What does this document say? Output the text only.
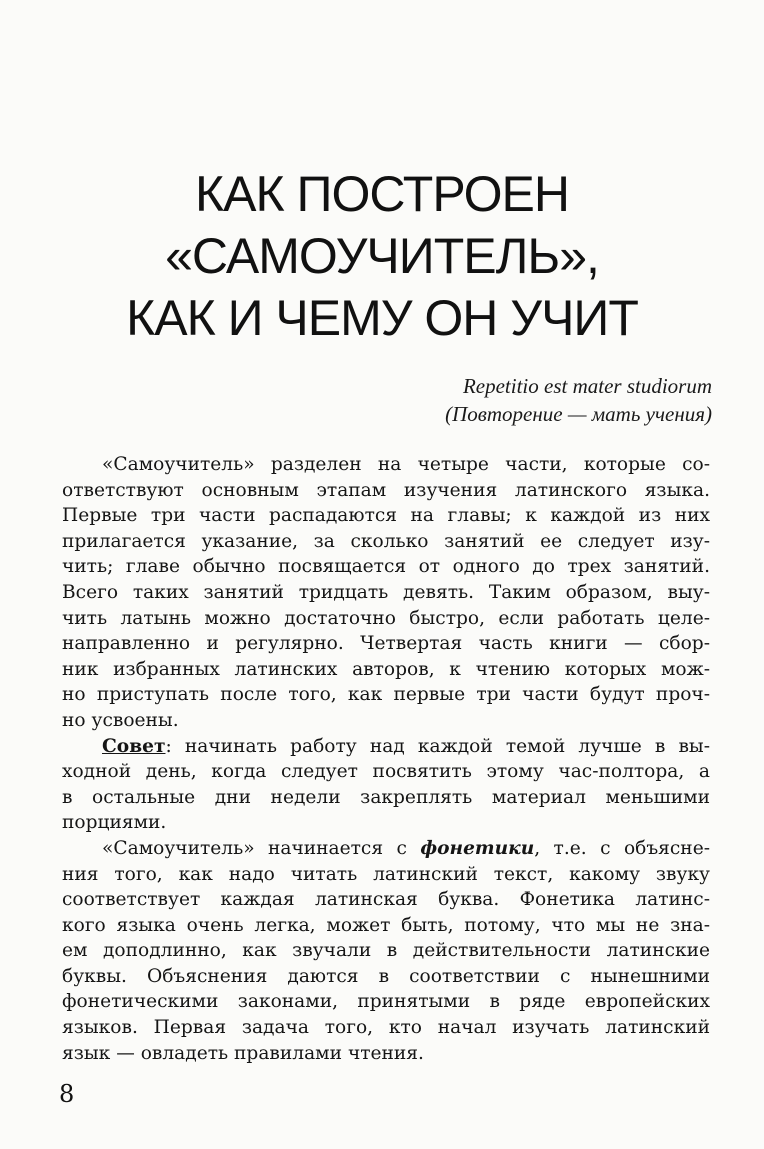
КАК ПОСТРОЕН
«САМОУЧИТЕЛЬ»,
КАК И ЧЕМУ ОН УЧИТ
Repetitio est mater studiorum
(Повторение — мать учения)
«Самоучитель» разделен на четыре части, которые со-
ответствуют основным этапам изучения латинского языка.
Первые три части распадаются на главы; к каждой из них
прилагается указание, за сколько занятий ее следует изу-
чить; главе обычно посвящается от одного до трех занятий.
Всего таких занятий тридцать девять. Таким образом, выу-
чить латынь можно достаточно быстро, если работать целе-
направленно и регулярно. Четвертая часть книги — сбор-
ник избранных латинских авторов, к чтению которых мож-
но приступать после того, как первые три части будут проч-
но усвоены.
Совет: начинать работу над каждой темой лучше в вы-
ходной день, когда следует посвятить этому час-полтора, а
в остальные дни недели закреплять материал меньшими
порциями.
«Самоучитель» начинается с фонетики, т.е. с объясне-
ния того, как надо читать латинский текст, какому звуку
соответствует каждая латинская буква. Фонетика латинс-
кого языка очень легка, может быть, потому, что мы не зна-
ем доподлинно, как звучали в действительности латинские
буквы. Объяснения даются в соответствии с нынешними
фонетическими законами, принятыми в ряде европейских
языков. Первая задача того, кто начал изучать латинский
язык — овладеть правилами чтения.
8
